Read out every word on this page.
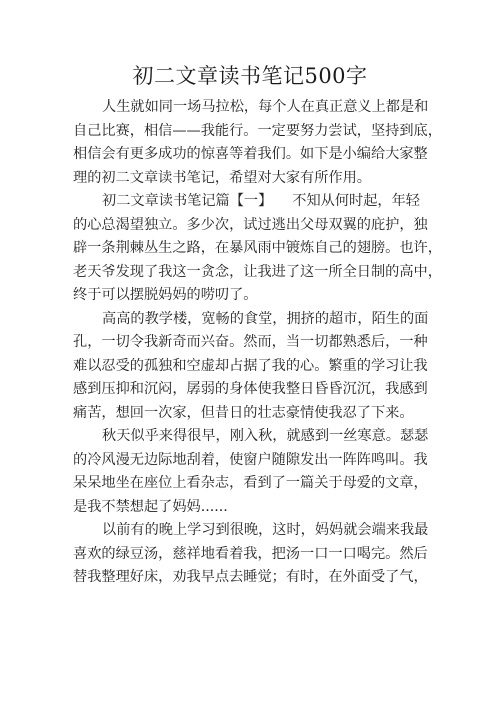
初二文章读书笔记500字
人生就如同一场马拉松，每个人在真正意义上都是和
自己比赛，相信——我能行。一定要努力尝试，坚持到底，
相信会有更多成功的惊喜等着我们。如下是小编给大家整
理的初二文章读书笔记，希望对大家有所作用。
初二文章读书笔记篇【一】 不知从何时起，年轻
的心总渴望独立。多少次，试过逃出父母双翼的庇护，独
辟一条荆棘丛生之路，在暴风雨中镀炼自己的翅膀。也许，
老天爷发现了我这一贪念，让我进了这一所全日制的高中，
终于可以摆脱妈妈的唠叨了。
高高的教学楼，宽畅的食堂，拥挤的超市，陌生的面
孔，一切令我新奇而兴奋。然而，当一切都熟悉后，一种
难以忍受的孤独和空虚却占据了我的心。繁重的学习让我
感到压抑和沉闷，孱弱的身体使我整日昏昏沉沉，我感到
痛苦，想回一次家，但昔日的壮志豪情使我忍了下来。
秋天似乎来得很早，刚入秋，就感到一丝寒意。瑟瑟
的冷风漫无边际地刮着，使窗户随隙发出一阵阵鸣叫。我
呆呆地坐在座位上看杂志，看到了一篇关于母爱的文章，
是我不禁想起了妈妈......
以前有的晚上学习到很晚，这时，妈妈就会端来我最
喜欢的绿豆汤，慈祥地看着我，把汤一口一口喝完。然后
替我整理好床，劝我早点去睡觉；有时，在外面受了气，
